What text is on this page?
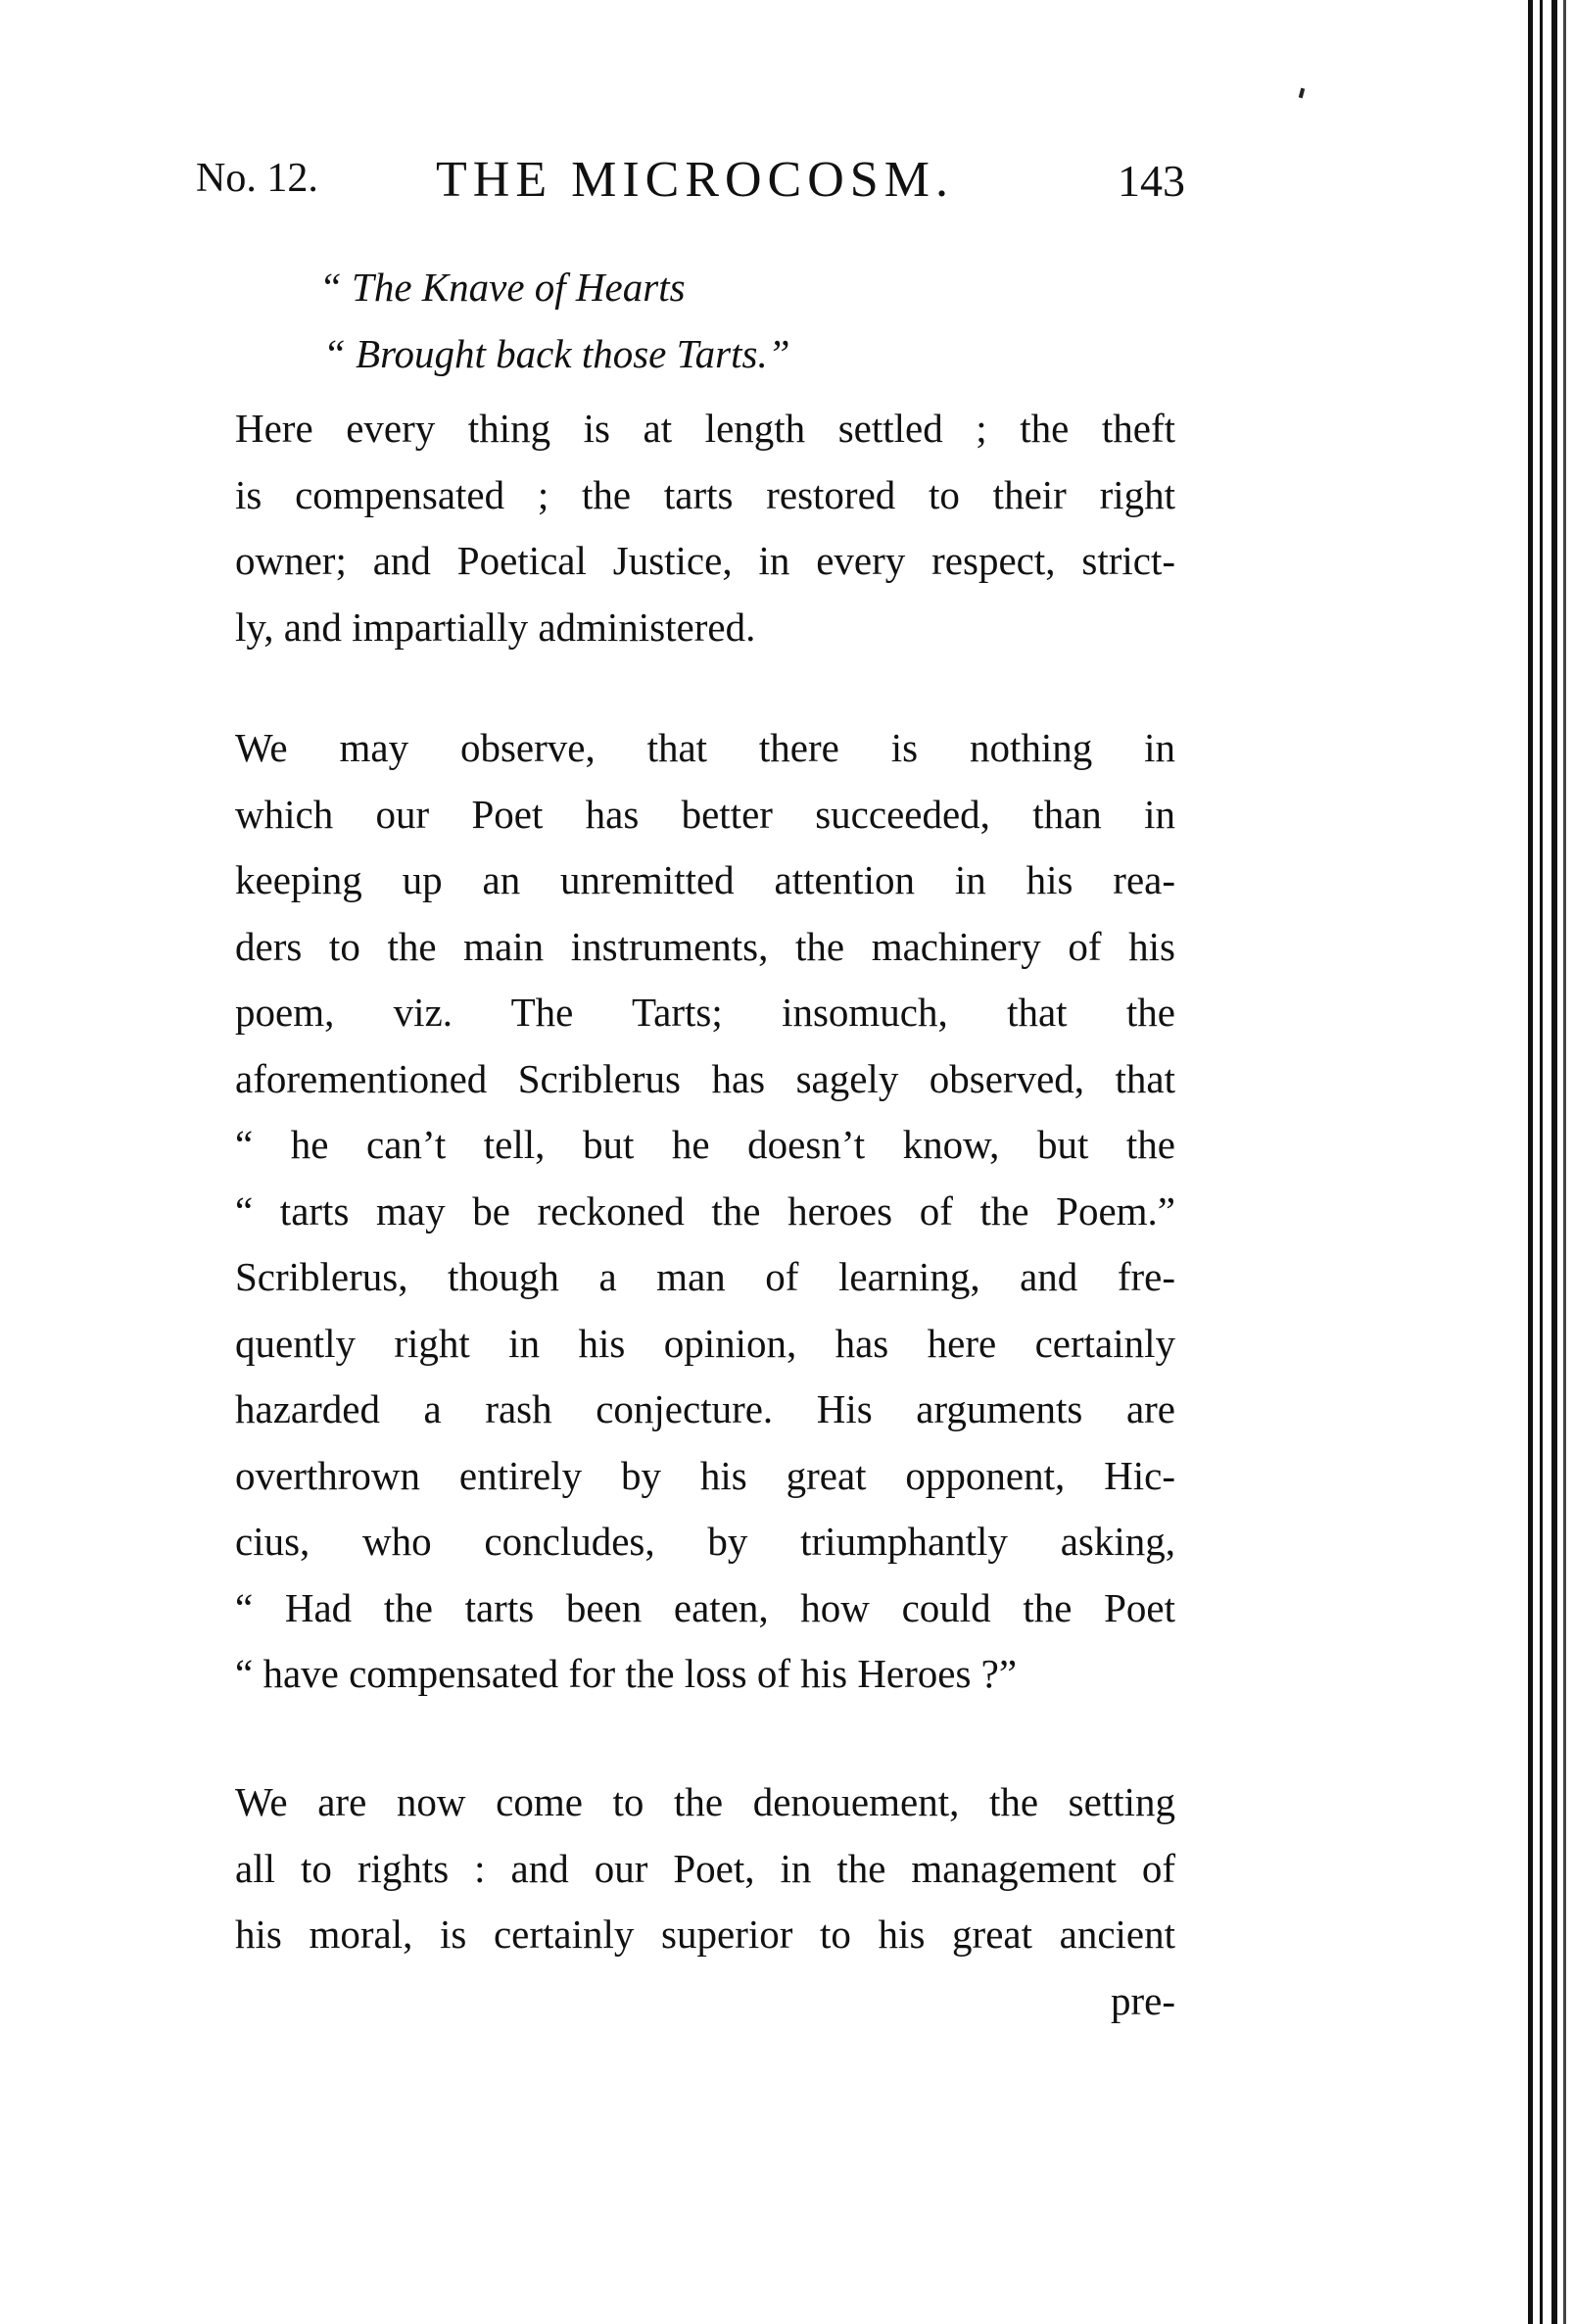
No. 12. THE MICROCOSM.	143
“ The Knave of Hearts
“ Brought back those Tarts.”
Here every thing is at length settled ; the theft
is compensated ; the tarts restored to their right
owner; and Poetical Justice, in every respect, strict-
ly, and impartially administered.
We may observe, that there is nothing in
which our Poet has better succeeded, than in
keeping up an unremitted attention in his rea-
ders to the main instruments, the machinery of his
poem, viz. The Tarts; insomuch, that the
aforementioned Scriblerus has sagely observed, that
“ he can’t tell, but he doesn’t know, but the
“ tarts may be reckoned the heroes of the Poem.”
Scriblerus, though a man of learning, and fre-
quently right in his opinion, has here certainly
hazarded a rash conjecture. His arguments are
overthrown entirely by his great opponent, Hic-
cius, who concludes, by triumphantly asking,
“ Had the tarts been eaten, how could the Poet
“ have compensated for the loss of his Heroes ?”
We are now come to the denouement, the setting
all to rights : and our Poet, in the management of
his moral, is certainly superior to his great ancient
pre-
